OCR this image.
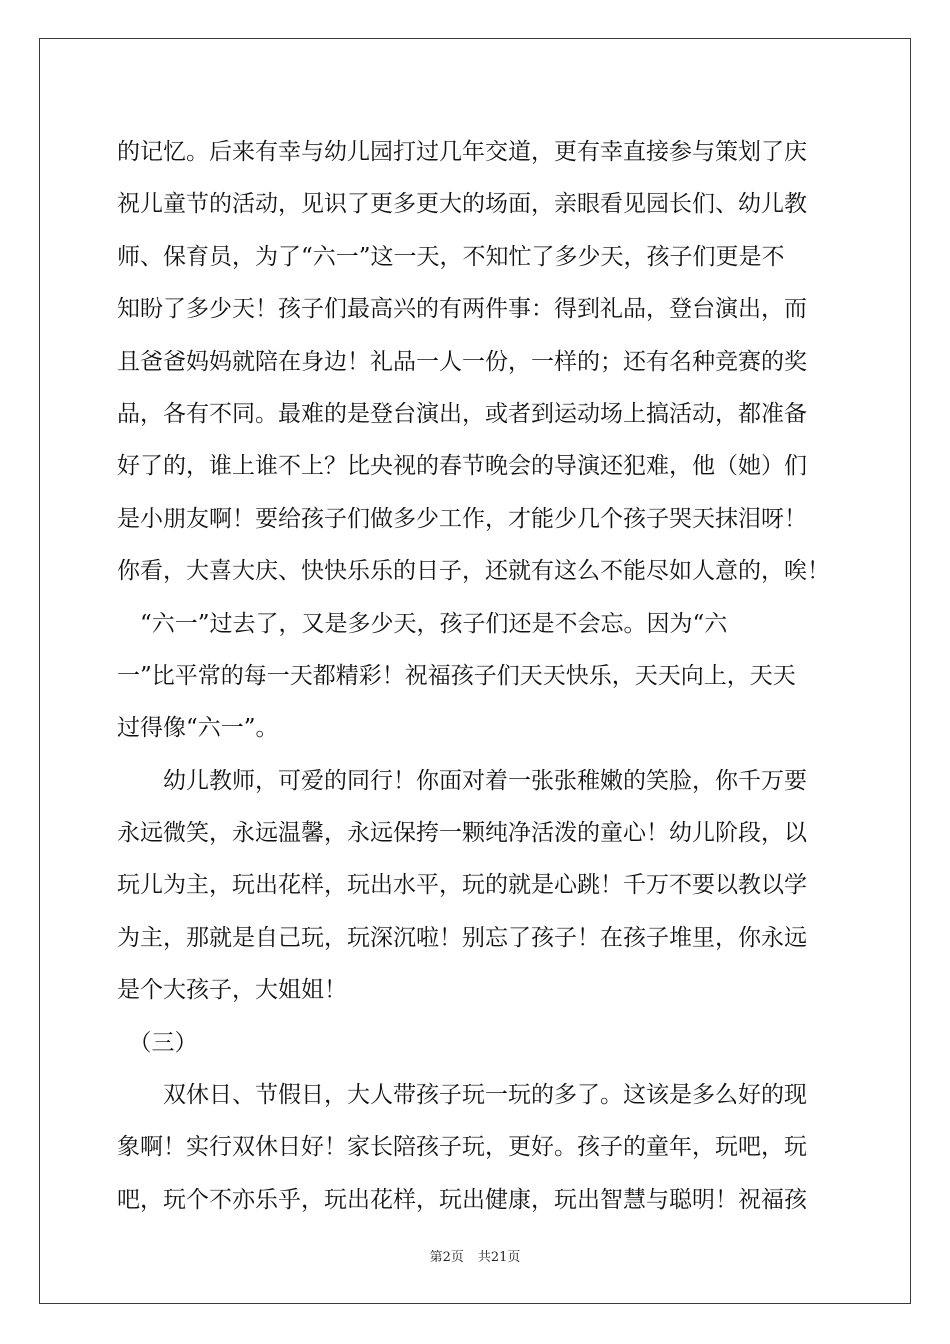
的记忆。后来有幸与幼儿园打过几年交道，更有幸直接参与策划了庆
祝儿童节的活动，见识了更多更大的场面，亲眼看见园长们、幼儿教
师、保育员，为了“六一”这一天，不知忙了多少天，孩子们更是不
知盼了多少天！孩子们最高兴的有两件事：得到礼品，登台演出，而
且爸爸妈妈就陪在身边！礼品一人一份，一样的；还有名种竞赛的奖
品，各有不同。最难的是登台演出，或者到运动场上搞活动，都准备
好了的，谁上谁不上？比央视的春节晚会的导演还犯难，他（她）们
是小朋友啊！要给孩子们做多少工作，才能少几个孩子哭天抹泪呀！
你看，大喜大庆、快快乐乐的日子，还就有这么不能尽如人意的，唉！
　“六一”过去了，又是多少天，孩子们还是不会忘。因为“六
一”比平常的每一天都精彩！祝福孩子们天天快乐，天天向上，天天
过得像“六一”。
　　幼儿教师，可爱的同行！你面对着一张张稚嫩的笑脸，你千万要
永远微笑，永远温馨，永远保挎一颗纯净活泼的童心！幼儿阶段，以
玩儿为主，玩出花样，玩出水平，玩的就是心跳！千万不要以教以学
为主，那就是自己玩，玩深沉啦！别忘了孩子！在孩子堆里，你永远
是个大孩子，大姐姐！
　（三）
　　双休日、节假日，大人带孩子玩一玩的多了。这该是多么好的现
象啊！实行双休日好！家长陪孩子玩，更好。孩子的童年，玩吧，玩
吧，玩个不亦乐乎，玩出花样，玩出健康，玩出智慧与聪明！祝福孩
第2页 共21页
